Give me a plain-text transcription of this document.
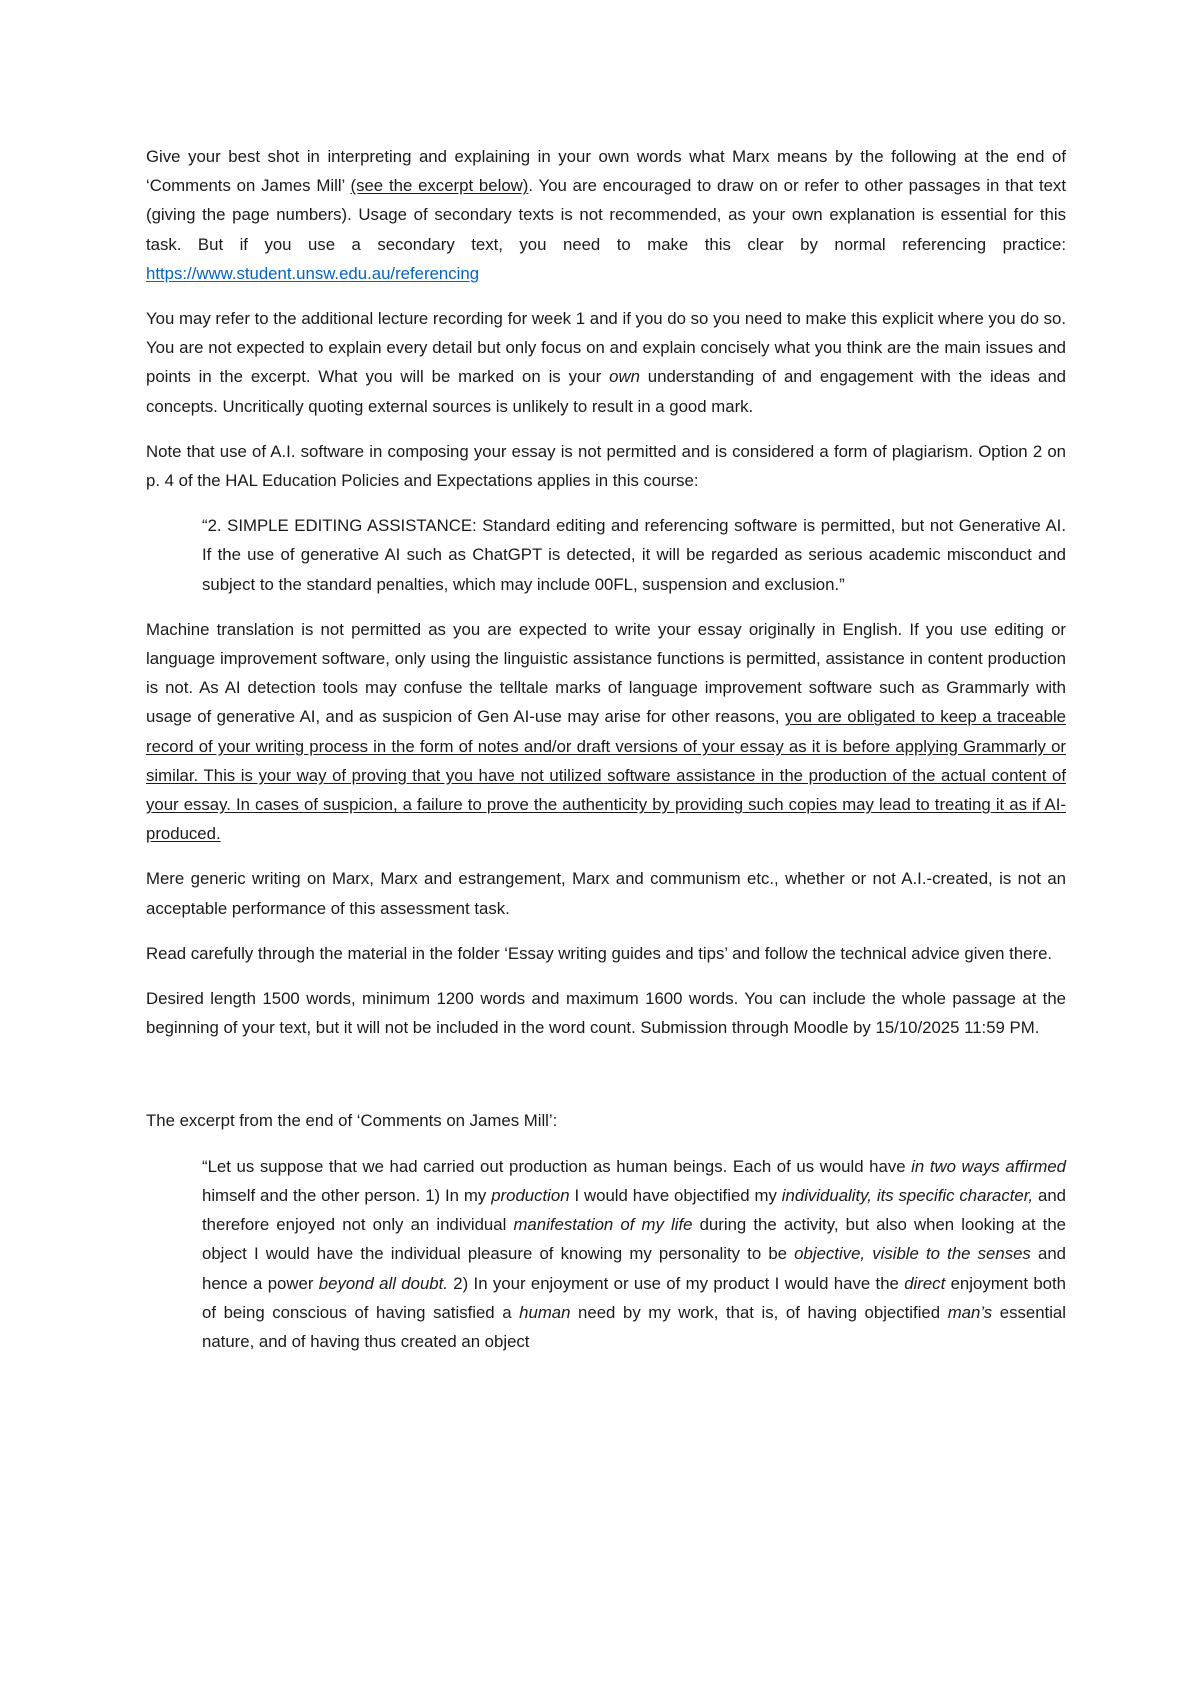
Give your best shot in interpreting and explaining in your own words what Marx means by the following at the end of ‘Comments on James Mill’ (see the excerpt below). You are encouraged to draw on or refer to other passages in that text (giving the page numbers). Usage of secondary texts is not recommended, as your own explanation is essential for this task. But if you use a secondary text, you need to make this clear by normal referencing practice: https://www.student.unsw.edu.au/referencing

You may refer to the additional lecture recording for week 1 and if you do so you need to make this explicit where you do so. You are not expected to explain every detail but only focus on and explain concisely what you think are the main issues and points in the excerpt. What you will be marked on is your own understanding of and engagement with the ideas and concepts. Uncritically quoting external sources is unlikely to result in a good mark.

Note that use of A.I. software in composing your essay is not permitted and is considered a form of plagiarism. Option 2 on p. 4 of the HAL Education Policies and Expectations applies in this course:

“2. SIMPLE EDITING ASSISTANCE: Standard editing and referencing software is permitted, but not Generative AI. If the use of generative AI such as ChatGPT is detected, it will be regarded as serious academic misconduct and subject to the standard penalties, which may include 00FL, suspension and exclusion.”

Machine translation is not permitted as you are expected to write your essay originally in English. If you use editing or language improvement software, only using the linguistic assistance functions is permitted, assistance in content production is not. As AI detection tools may confuse the telltale marks of language improvement software such as Grammarly with usage of generative AI, and as suspicion of Gen AI-use may arise for other reasons, you are obligated to keep a traceable record of your writing process in the form of notes and/or draft versions of your essay as it is before applying Grammarly or similar. This is your way of proving that you have not utilized software assistance in the production of the actual content of your essay. In cases of suspicion, a failure to prove the authenticity by providing such copies may lead to treating it as if AI-produced.

Mere generic writing on Marx, Marx and estrangement, Marx and communism etc., whether or not A.I.-created, is not an acceptable performance of this assessment task.

Read carefully through the material in the folder ‘Essay writing guides and tips’ and follow the technical advice given there.

Desired length 1500 words, minimum 1200 words and maximum 1600 words. You can include the whole passage at the beginning of your text, but it will not be included in the word count. Submission through Moodle by 15/10/2025 11:59 PM.

The excerpt from the end of ‘Comments on James Mill’:

“Let us suppose that we had carried out production as human beings. Each of us would have in two ways affirmed himself and the other person. 1) In my production I would have objectified my individuality, its specific character, and therefore enjoyed not only an individual manifestation of my life during the activity, but also when looking at the object I would have the individual pleasure of knowing my personality to be objective, visible to the senses and hence a power beyond all doubt. 2) In your enjoyment or use of my product I would have the direct enjoyment both of being conscious of having satisfied a human need by my work, that is, of having objectified man’s essential nature, and of having thus created an object
